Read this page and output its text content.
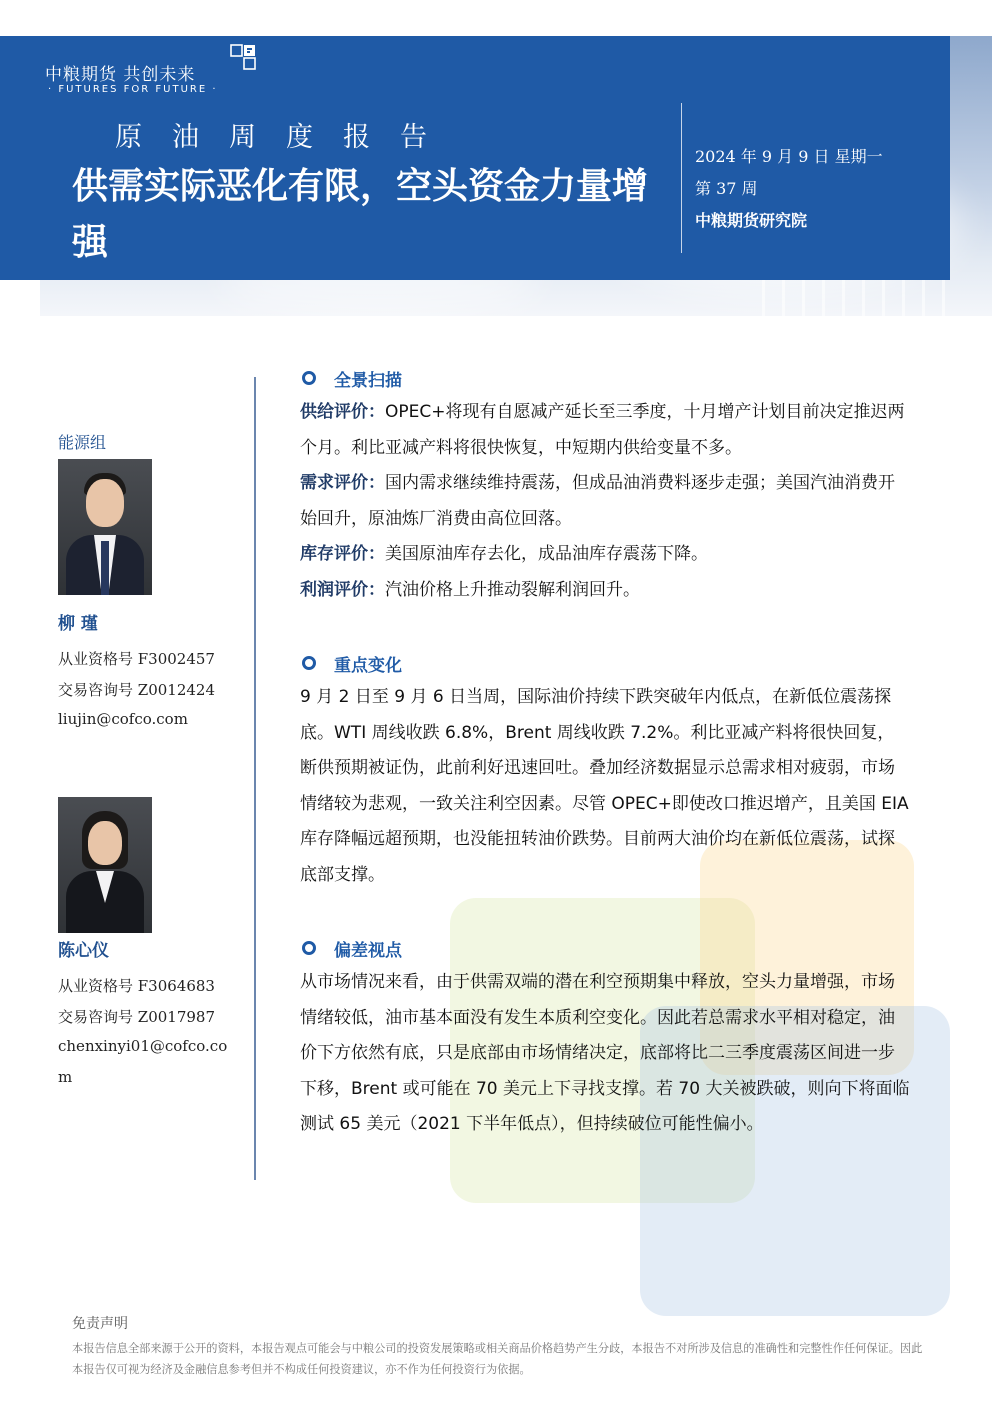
中粮期货 共创未来
· FUTURES FOR FUTURE ·
原油周度报告
供需实际恶化有限，空头资金力量增强
2024 年 9 月 9 日 星期一
第 37 周
中粮期货研究院
能源组
柳 瑾
从业资格号 F3002457
交易咨询号 Z0012424
liujin@cofco.com
陈心仪
从业资格号 F3064683
交易咨询号 Z0017987
chenxinyi01@cofco.co
m
全景扫描
供给评价：OPEC+将现有自愿减产延长至三季度，十月增产计划目前决定推迟两个月。利比亚减产料将很快恢复，中短期内供给变量不多。
需求评价：国内需求继续维持震荡，但成品油消费料逐步走强；美国汽油消费开始回升，原油炼厂消费由高位回落。
库存评价：美国原油库存去化，成品油库存震荡下降。
利润评价：汽油价格上升推动裂解利润回升。
重点变化

9 月 2 日至 9 月 6 日当周，国际油价持续下跌突破年内低点，在新低位震荡探底。WTI 周线收跌 6.8%，Brent 周线收跌 7.2%。利比亚减产料将很快回复，断供预期被证伪，此前利好迅速回吐。叠加经济数据显示总需求相对疲弱，市场情绪较为悲观，一致关注利空因素。尽管 OPEC+即使改口推迟增产，且美国 EIA 库存降幅远超预期，也没能扭转油价跌势。目前两大油价均在新低位震荡，试探底部支撑。

偏差视点

从市场情况来看，由于供需双端的潜在利空预期集中释放，空头力量增强，市场情绪较低，油市基本面没有发生本质利空变化。因此若总需求水平相对稳定，油价下方依然有底，只是底部由市场情绪决定，底部将比二三季度震荡区间进一步下移，Brent 或可能在 70 美元上下寻找支撑。若 70 大关被跌破，则向下将面临测试 65 美元（2021 下半年低点），但持续破位可能性偏小。

免责声明

本报告信息全部来源于公开的资料，本报告观点可能会与中粮公司的投资发展策略或相关商品价格趋势产生分歧，本报告不对所涉及信息的准确性和完整性作任何保证。因此本报告仅可视为经济及金融信息参考但并不构成任何投资建议，亦不作为任何投资行为依据。
